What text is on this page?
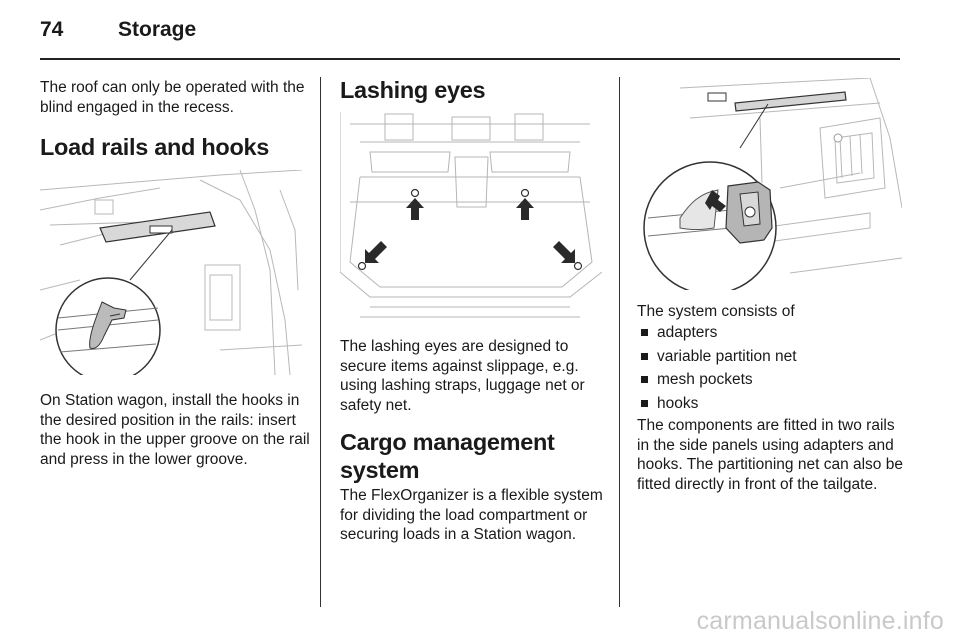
74	Storage

The roof can only be operated with the blind engaged in the recess.

Load rails and hooks

On Station wagon, install the hooks in the desired position in the rails: insert the hook in the upper groove on the rail and press in the lower groove.

Lashing eyes

The lashing eyes are designed to secure items against slippage, e.g. using lashing straps, luggage net or safety net.

Cargo management
system

The FlexOrganizer is a flexible system for dividing the load compartment or securing loads in a Station wagon.

The system consists of

adapters
variable partition net
mesh pockets
hooks

The components are fitted in two rails in the side panels using adapters and hooks. The partitioning net can also be fitted directly in front of the tailgate.

carmanualsonline.info
